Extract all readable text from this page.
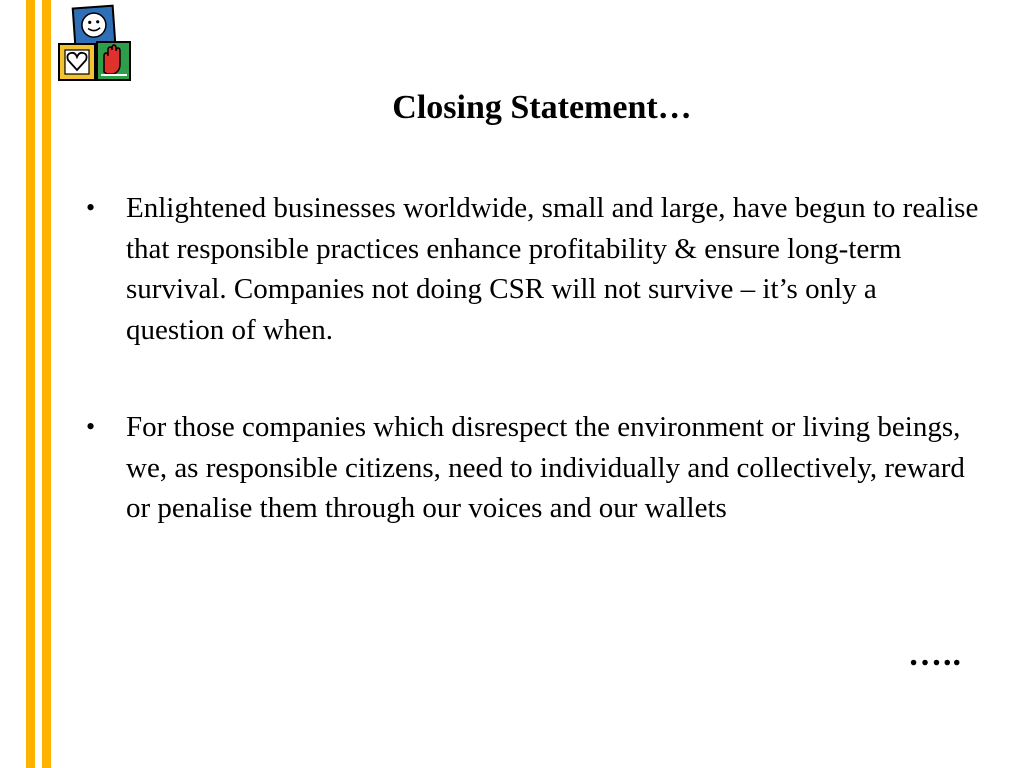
Closing Statement…
• Enlightened businesses worldwide, small and large, have begun to realise that responsible practices enhance profitability & ensure long-term survival. Companies not doing CSR will not survive – it’s only a question of when.
• For those companies which disrespect the environment or living beings, we, as responsible citizens, need to individually and collectively, reward or penalise them through our voices and our wallets
…..
